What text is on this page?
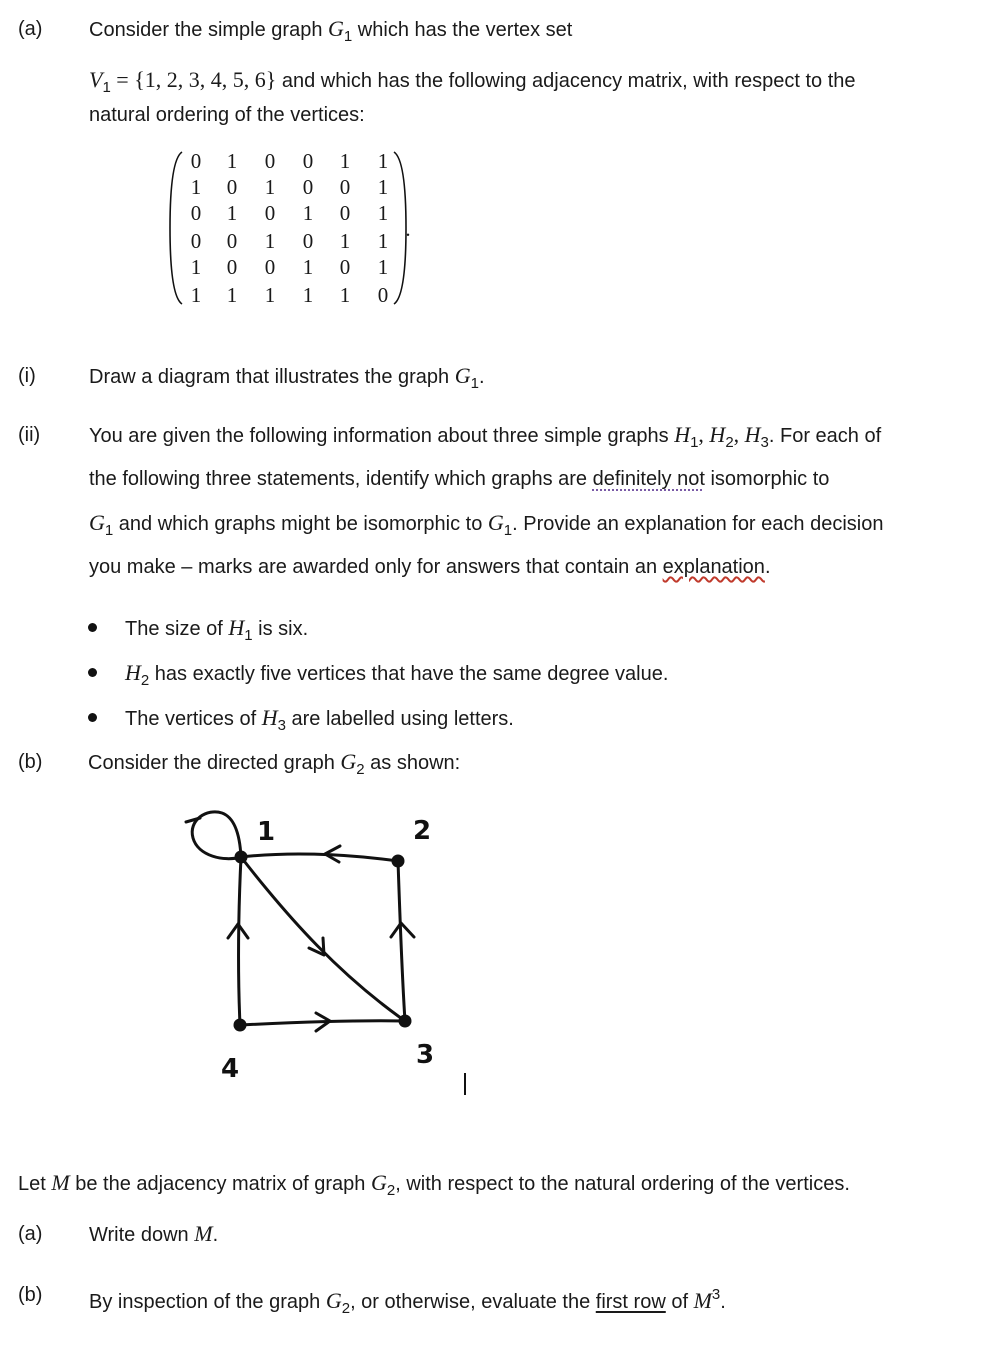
(a) Consider the simple graph $G_1$ which has the vertex set
$V_1 = \{1$, 2, 3, 4, 5, 6} and which has the following adjacency matrix, with respect to the
natural ordering of the vertices:
0 1 0 0 1 1
1 0 1 0 0 1
0 1 0 1 0 1
0 0 1 0 1 1
1 0 0 1 0 1
1 1 1 1 1 0
.
(i)	Draw a diagram that illustrates the graph $G_1$.
(ii) You are given the following information about three simple graphs $H_1$, $H_2$, $H_3$. For each of
the following three statements, identify which graphs are definitely not isomorphic to
$G_1$ and which graphs might be isomorphic to $G_1$. Provide an explanation for each decision
you make – marks are awarded only for answers that contain an explanation.
The size of $H_1$ is six.
$H_2$ has exactly five vertices that have the same degree value.
The vertices of $H_3$ are labelled using letters.
(b) Consider the directed graph $G_2$ as shown:
1	2
3
4
Let M be the adjacency matrix of graph $G_2$, with respect to the natural ordering of the vertices.
(a) Write down M.
(b) By inspection of the graph $G_2$, or otherwise, evaluate the first row of $M^3$.
